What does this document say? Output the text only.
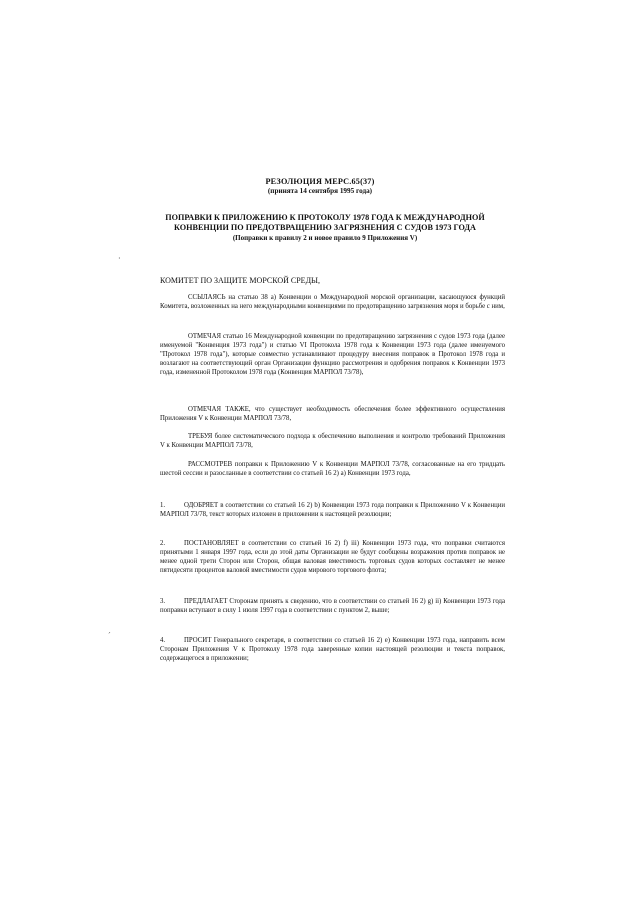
РЕЗОЛЮЦИЯ MEPC.65(37)
(принята 14 сентября 1995 года)
ПОПРАВКИ К ПРИЛОЖЕНИЮ К ПРОТОКОЛУ 1978 ГОДА К МЕЖДУНАРОДНОЙ КОНВЕНЦИИ ПО ПРЕДОТВРАЩЕНИЮ ЗАГРЯЗНЕНИЯ С СУДОВ 1973 ГОДА
(Поправки к правилу 2 и новое правило 9 Приложения V)
КОМИТЕТ ПО ЗАЩИТЕ МОРСКОЙ СРЕДЫ,
ССЫЛАЯСЬ на статью 38 а) Конвенции о Международной морской организации, касающуюся функций Комитета, возложенных на него международными конвенциями по предотвращению загрязнения моря и борьбе с ним,
ОТМЕЧАЯ статью 16 Международной конвенции по предотвращению загрязнения с судов 1973 года (далее именуемой "Конвенция 1973 года") и статью VI Протокола 1978 года к Конвенции 1973 года (далее именуемого "Протокол 1978 года"), которые совместно устанавливают процедуру внесения поправок в Протокол 1978 года и возлагают на соответствующий орган Организации функцию рассмотрения и одобрения поправок к Конвенции 1973 года, измененной Протоколом 1978 года (Конвенция МАРПОЛ 73/78),
ОТМЕЧАЯ ТАКЖЕ, что существует необходимость обеспечения более эффективного осуществления Приложения V к Конвенции МАРПОЛ 73/78,
ТРЕБУЯ более систематического подхода к обеспечению выполнения и контролю требований Приложения V к Конвенции МАРПОЛ 73/78,
РАССМОТРЕВ поправки к Приложению V к Конвенции МАРПОЛ 73/78, согласованные на его тридцать шестой сессии и разосланные в соответствии со статьей 16 2) а) Конвенции 1973 года,
1.	ОДОБРЯЕТ в соответствии со статьей 16 2) b) Конвенции 1973 года поправки к Приложению V к Конвенции МАРПОЛ 73/78, текст которых изложен в приложении к настоящей резолюции;
2.	ПОСТАНОВЛЯЕТ в соответствии со статьей 16 2) f) iii) Конвенции 1973 года, что поправки считаются принятыми 1 января 1997 года, если до этой даты Организации не будут сообщены возражения против поправок не менее одной трети Сторон или Сторон, общая валовая вместимость торговых судов которых составляет не менее пятидесяти процентов валовой вместимости судов мирового торгового флота;
3.	ПРЕДЛАГАЕТ Сторонам принять к сведению, что в соответствии со статьей 16 2) g) ii) Конвенции 1973 года поправки вступают в силу 1 июля 1997 года в соответствии с пунктом 2, выше;
4.	ПРОСИТ Генерального секретаря, в соответствии со статьей 16 2) е) Конвенции 1973 года, направить всем Сторонам Приложения V к Протоколу 1978 года заверенные копии настоящей резолюции и текста поправок, содержащегося в приложении;
·
ˊ
